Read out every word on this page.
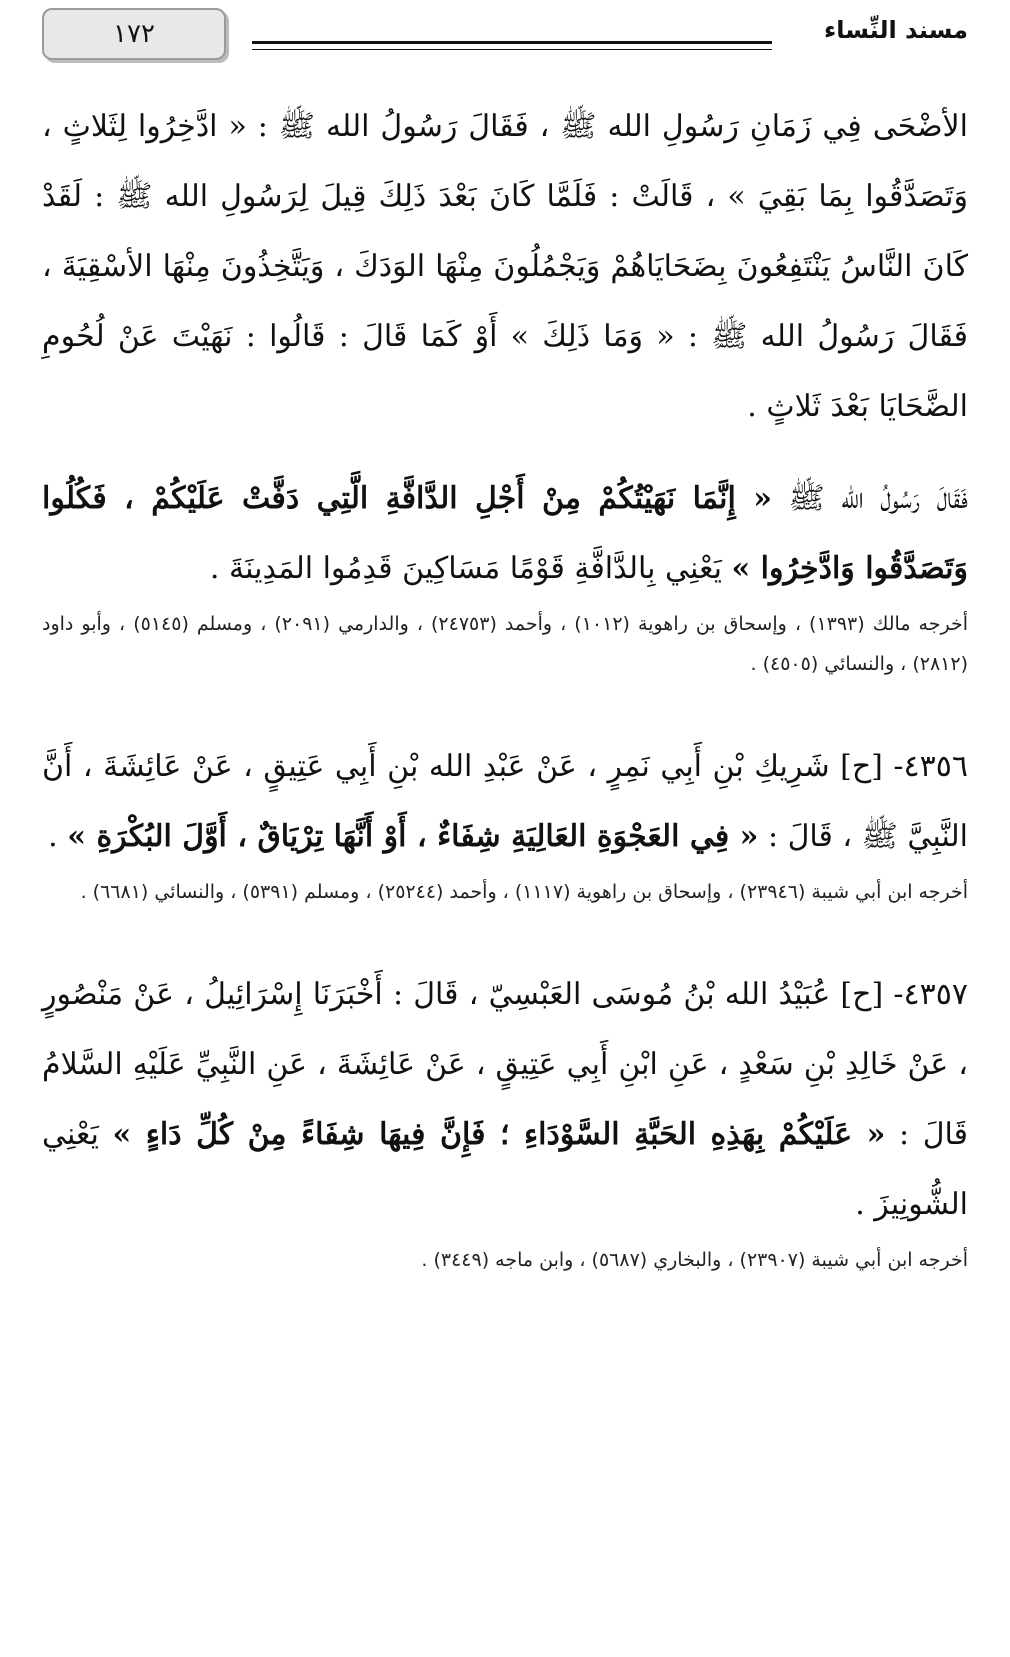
مسند النِّساء
١٧٢

الأضْحَى فِي زَمَانِ رَسُولِ الله ﷺ ، فَقَالَ رَسُولُ الله ﷺ : « ادَّخِرُوا لِثَلاثٍ ، وَتَصَدَّقُوا بِمَا بَقِيَ » ، قَالَتْ : فَلَمَّا كَانَ بَعْدَ ذَلِكَ قِيلَ لِرَسُولِ الله ﷺ : لَقَدْ كَانَ النَّاسُ يَنْتَفِعُونَ بِضَحَايَاهُمْ وَيَجْمُلُونَ مِنْهَا الوَدَكَ ، وَيَتَّخِذُونَ مِنْهَا الأسْقِيَةَ ، فَقَالَ رَسُولُ الله ﷺ : « وَمَا ذَلِكَ » أَوْ كَمَا قَالَ : قَالُوا : نَهَيْتَ عَنْ لُحُومِ الضَّحَايَا بَعْدَ ثَلاثٍ .

فَقَالَ رَسُولُ الله ﷺ « إِنَّمَا نَهَيْتُكُمْ مِنْ أَجْلِ الدَّافَّةِ الَّتِي دَفَّتْ عَلَيْكُمْ ، فَكُلُوا وَتَصَدَّقُوا وَادَّخِرُوا » يَعْنِي بِالدَّافَّةِ قَوْمًا مَسَاكِينَ قَدِمُوا المَدِينَةَ .

أخرجه مالك (١٣٩٣) ، وإسحاق بن راهوية (١٠١٢) ، وأحمد (٢٤٧٥٣) ، والدارمي (٢٠٩١) ، ومسلم (٥١٤٥) ، وأبو داود (٢٨١٢) ، والنسائي (٤٥٠٥) .

٤٣٥٦- [ح] شَرِيكِ بْنِ أَبِي نَمِرٍ ، عَنْ عَبْدِ الله بْنِ أَبِي عَتِيقٍ ، عَنْ عَائِشَةَ ، أَنَّ النَّبِيَّ ﷺ ، قَالَ : « فِي العَجْوَةِ العَالِيَةِ شِفَاءٌ ، أَوْ أَنَّهَا تِرْيَاقٌ ، أَوَّلَ البُكْرَةِ » .

أخرجه ابن أبي شيبة (٢٣٩٤٦) ، وإسحاق بن راهوية (١١١٧) ، وأحمد (٢٥٢٤٤) ، ومسلم (٥٣٩١) ، والنسائي (٦٦٨١) .

٤٣٥٧- [ح] عُبَيْدُ الله بْنُ مُوسَى العَبْسِيّ ، قَالَ : أَخْبَرَنَا إِسْرَائِيلُ ، عَنْ مَنْصُورٍ ، عَنْ خَالِدِ بْنِ سَعْدٍ ، عَنِ ابْنِ أَبِي عَتِيقٍ ، عَنْ عَائِشَةَ ، عَنِ النَّبِيِّ عَلَيْهِ السَّلامُ قَالَ : « عَلَيْكُمْ بِهَذِهِ الحَبَّةِ السَّوْدَاءِ ؛ فَإِنَّ فِيهَا شِفَاءً مِنْ كُلِّ دَاءٍ » يَعْنِي الشُّونِيزَ .

أخرجه ابن أبي شيبة (٢٣٩٠٧) ، والبخاري (٥٦٨٧) ، وابن ماجه (٣٤٤٩) .
